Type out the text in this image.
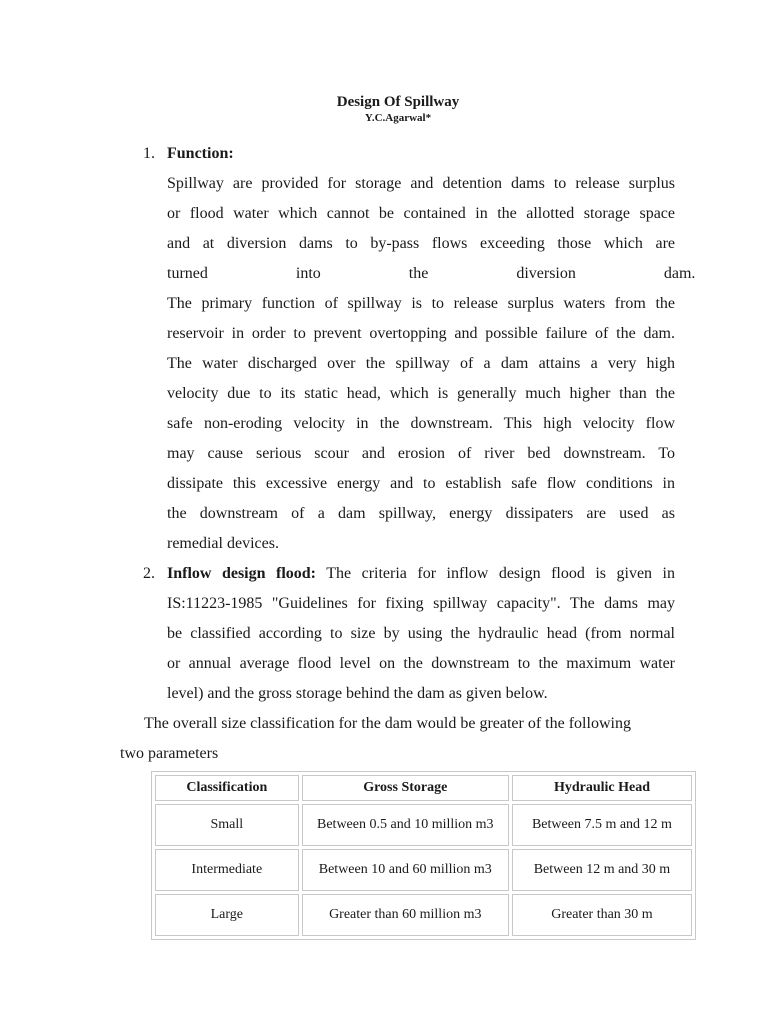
Design Of Spillway
Y.C.Agarwal*
1. Function:
Spillway are provided for storage and detention dams to release surplus
or flood water which cannot be contained in the allotted storage space
and at diversion dams to by-pass flows exceeding those which are
turned into the diversion dam.
The primary function of spillway is to release surplus waters from the
reservoir in order to prevent overtopping and possible failure of the dam.
The water discharged over the spillway of a dam attains a very high
velocity due to its static head, which is generally much higher than the
safe non-eroding velocity in the downstream. This high velocity flow
may cause serious scour and erosion of river bed downstream. To
dissipate this excessive energy and to establish safe flow conditions in
the downstream of a dam spillway, energy dissipaters are used as
remedial devices.
2. Inflow design flood: The criteria for inflow design flood is given in
IS:11223-1985 "Guidelines for fixing spillway capacity". The dams may
be classified according to size by using the hydraulic head (from normal
or annual average flood level on the downstream to the maximum water
level) and the gross storage behind the dam as given below.
The overall size classification for the dam would be greater of the following
two parameters
Classification	Gross Storage	Hydraulic Head
Small	Between 0.5 and 10 million m3	Between 7.5 m and 12 m
Intermediate	Between 10 and 60 million m3	Between 12 m and 30 m
Large	Greater than 60 million m3	Greater than 30 m
